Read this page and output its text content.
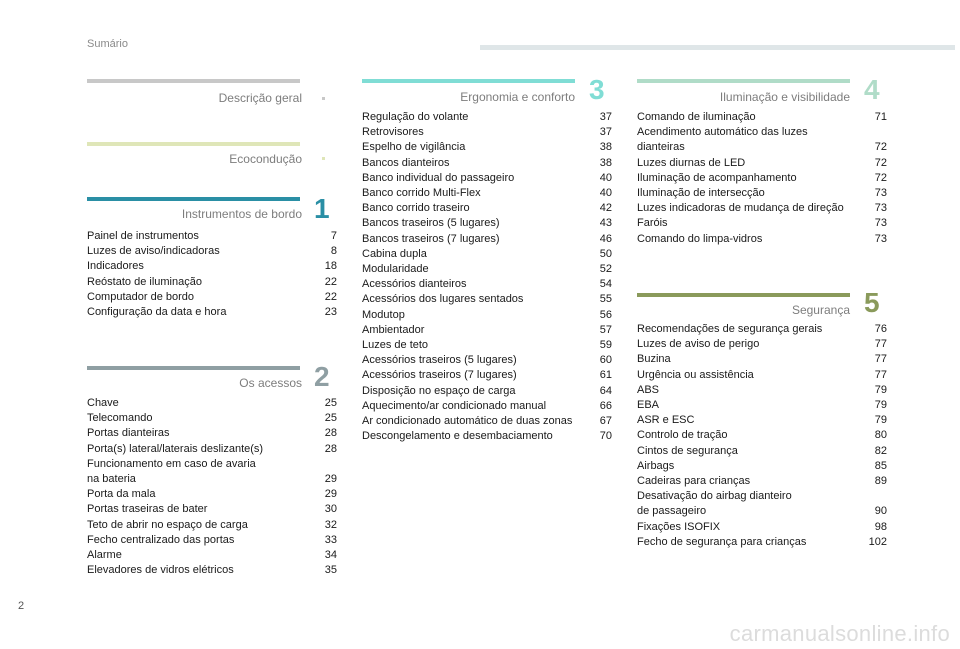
Sumário
Descrição geral
Ecocondução
Instrumentos de bordo 1
Painel de instrumentos	7
Luzes de aviso/indicadoras	8
Indicadores	18
Reóstato de iluminação	22
Computador de bordo	22
Configuração da data e hora	23
Os acessos 2
Chave	25
Telecomando	25
Portas dianteiras	28
Porta(s) lateral/laterais deslizante(s)	28
Funcionamento em caso de avaria
na bateria	29
Porta da mala	29
Portas traseiras de bater	30
Teto de abrir no espaço de carga	32
Fecho centralizado das portas	33
Alarme	34
Elevadores de vidros elétricos	35
Ergonomia e conforto 3
Regulação do volante	37
Retrovisores	37
Espelho de vigilância	38
Bancos dianteiros	38
Banco individual do passageiro	40
Banco corrido Multi-Flex	40
Banco corrido traseiro	42
Bancos traseiros (5 lugares)	43
Bancos traseiros (7 lugares)	46
Cabina dupla	50
Modularidade	52
Acessórios dianteiros	54
Acessórios dos lugares sentados	55
Modutop	56
Ambientador	57
Luzes de teto	59
Acessórios traseiros (5 lugares)	60
Acessórios traseiros (7 lugares)	61
Disposição no espaço de carga	64
Aquecimento/ar condicionado manual	66
Ar condicionado automático de duas zonas	67
Descongelamento e desembaciamento	70
Iluminação e visibilidade 4
Comando de iluminação	71
Acendimento automático das luzes
dianteiras	72
Luzes diurnas de LED	72
Iluminação de acompanhamento	72
Iluminação de intersecção	73
Luzes indicadoras de mudança de direção	73
Faróis	73
Comando do limpa-vidros	73
Segurança 5
Recomendações de segurança gerais	76
Luzes de aviso de perigo	77
Buzina	77
Urgência ou assistência	77
ABS	79
EBA	79
ASR e ESC	79
Controlo de tração	80
Cintos de segurança	82
Airbags	85
Cadeiras para crianças	89
Desativação do airbag dianteiro
de passageiro	90
Fixações ISOFIX	98
Fecho de segurança para crianças	102
2
carmanualsonline.info
